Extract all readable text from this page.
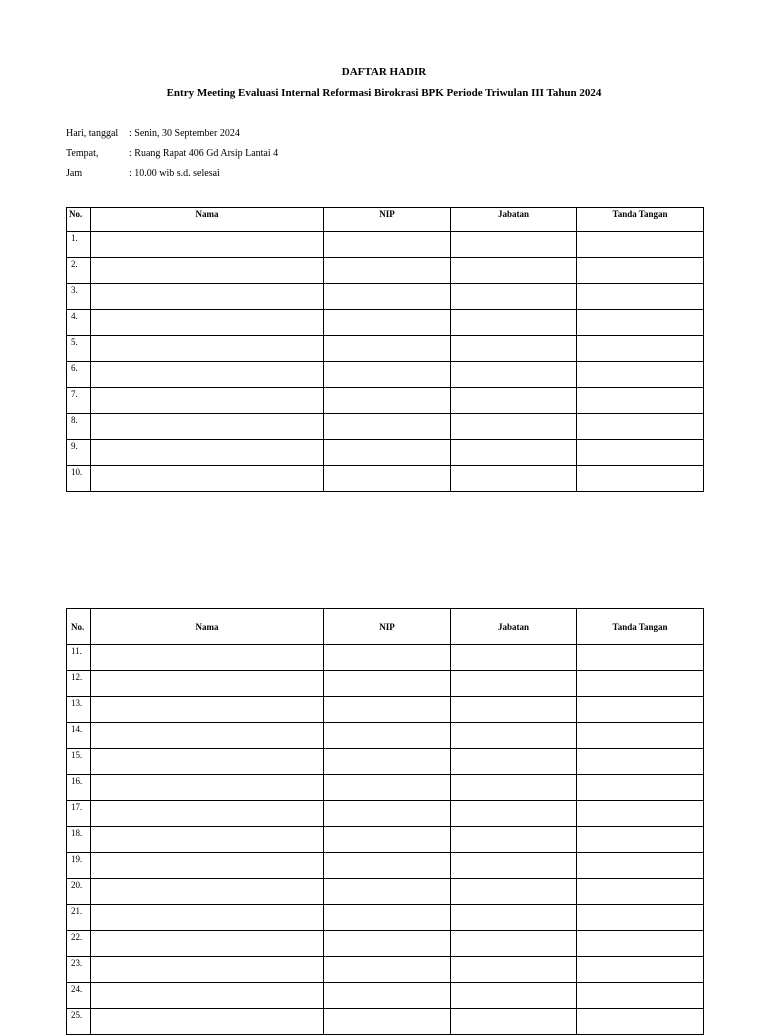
DAFTAR HADIR
Entry Meeting Evaluasi Internal Reformasi Birokrasi BPK Periode Triwulan III Tahun 2024
Hari, tanggal : Senin, 30 September 2024
Tempat,	: Ruang Rapat 406 Gd Arsip Lantai 4
Jam	: 10.00 wib s.d. selesai
No.	Nama	NIP	Jabatan	Tanda Tangan
1.				
2.				
3.				
4.				
5.				
6.				
7.				
8.				
9.				
10.				
No.	Nama	NIP	Jabatan	Tanda Tangan
11.				
12.				
13.				
14.				
15.				
16.				
17.				
18.				
19.				
20.				
21.				
22.				
23.				
24.				
25.				
